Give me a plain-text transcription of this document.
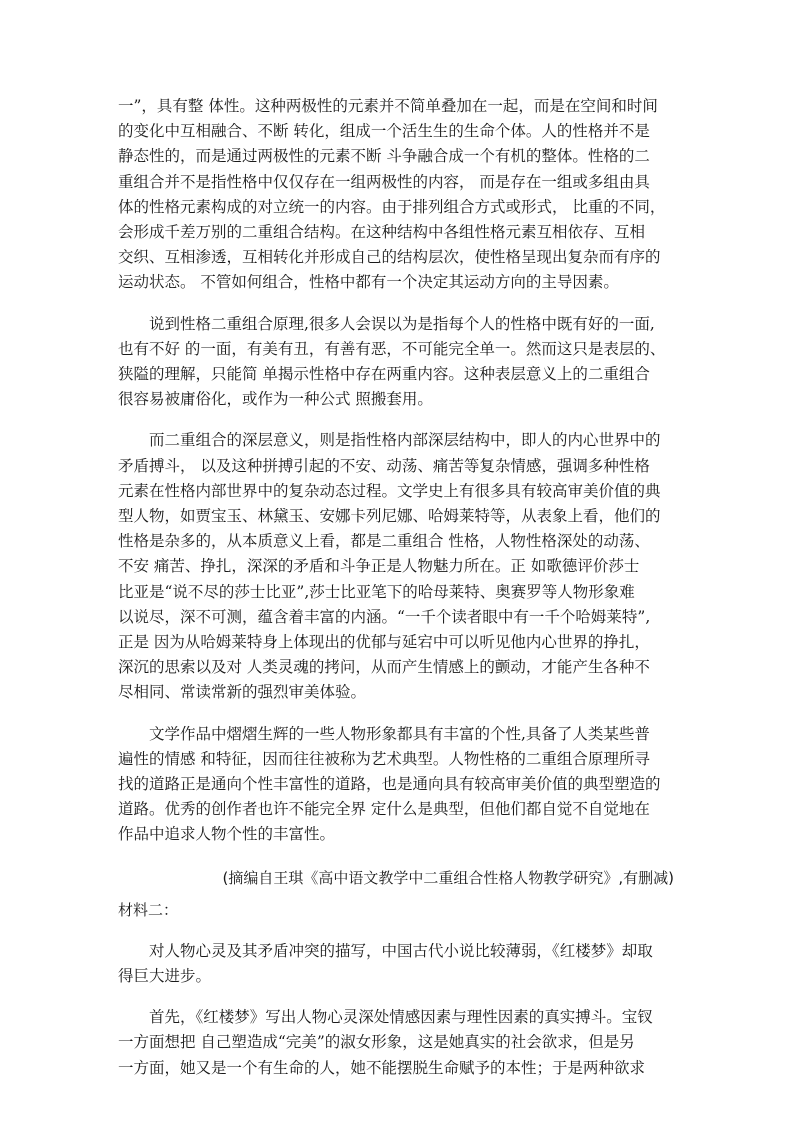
一”，具有整 体性。这种两极性的元素并不简单叠加在一起，而是在空间和时间
的变化中互相融合、不断 转化，组成一个活生生的生命个体。人的性格并不是
静态性的，而是通过两极性的元素不断 斗争融合成一个有机的整体。性格的二
重组合并不是指性格中仅仅存在一组两极性的内容， 而是存在一组或多组由具
体的性格元素构成的对立统一的内容。由于排列组合方式或形式， 比重的不同，
会形成千差万别的二重组合结构。在这种结构中各组性格元素互相依存、互相
交织、互相渗透，互相转化并形成自己的结构层次，使性格呈现出复杂而有序的
运动状态。 不管如何组合，性格中都有一个决定其运动方向的主导因素。
说到性格二重组合原理,很多人会误以为是指每个人的性格中既有好的一面,
也有不好 的一面，有美有丑，有善有恶，不可能完全单一。然而这只是表层的、
狭隘的理解，只能简 单揭示性格中存在两重内容。这种表层意义上的二重组合
很容易被庸俗化，或作为一种公式 照搬套用。
而二重组合的深层意义，则是指性格内部深层结构中，即人的内心世界中的
矛盾搏斗， 以及这种拼搏引起的不安、动荡、痛苦等复杂情感，强调多种性格
元素在性格内部世界中的复杂动态过程。文学史上有很多具有较高审美价值的典
型人物，如贾宝玉、林黛玉、安娜卡列尼娜、哈姆莱特等，从表象上看，他们的
性格是杂多的，从本质意义上看，都是二重组合 性格，人物性格深处的动荡、
不安 痛苦、挣扎，深深的矛盾和斗争正是人物魅力所在。正 如歌德评价莎士
比亚是“说不尽的莎士比亚”,莎士比亚笔下的哈母莱特、奥赛罗等人物形象难
以说尽，深不可测，蕴含着丰富的内涵。“一千个读者眼中有一千个哈姆莱特”,
正是 因为从哈姆莱特身上体现出的优郁与延宕中可以听见他内心世界的挣扎，
深沉的思索以及对 人类灵魂的拷问，从而产生情感上的颤动，才能产生各种不
尽相同、常读常新的强烈审美体验。
文学作品中熠熠生辉的一些人物形象都具有丰富的个性,具备了人类某些普
遍性的情感 和特征，因而往往被称为艺术典型。人物性格的二重组合原理所寻
找的道路正是通向个性丰富性的道路，也是通向具有较高审美价值的典型塑造的
道路。优秀的创作者也许不能完全界 定什么是典型，但他们都自觉不自觉地在
作品中追求人物个性的丰富性。
(摘编自王琪《高中语文教学中二重组合性格人物教学研究》,有删减)
材料二：
对人物心灵及其矛盾冲突的描写，中国古代小说比较薄弱，《红楼梦》却取
得巨大进步。
首先，《红楼梦》写出人物心灵深处情感因素与理性因素的真实搏斗。宝钗
一方面想把 自己塑造成“完美”的淑女形象，这是她真实的社会欲求，但是另
一方面，她又是一个有生命的人，她不能摆脱生命赋予的本性；于是两种欲求
